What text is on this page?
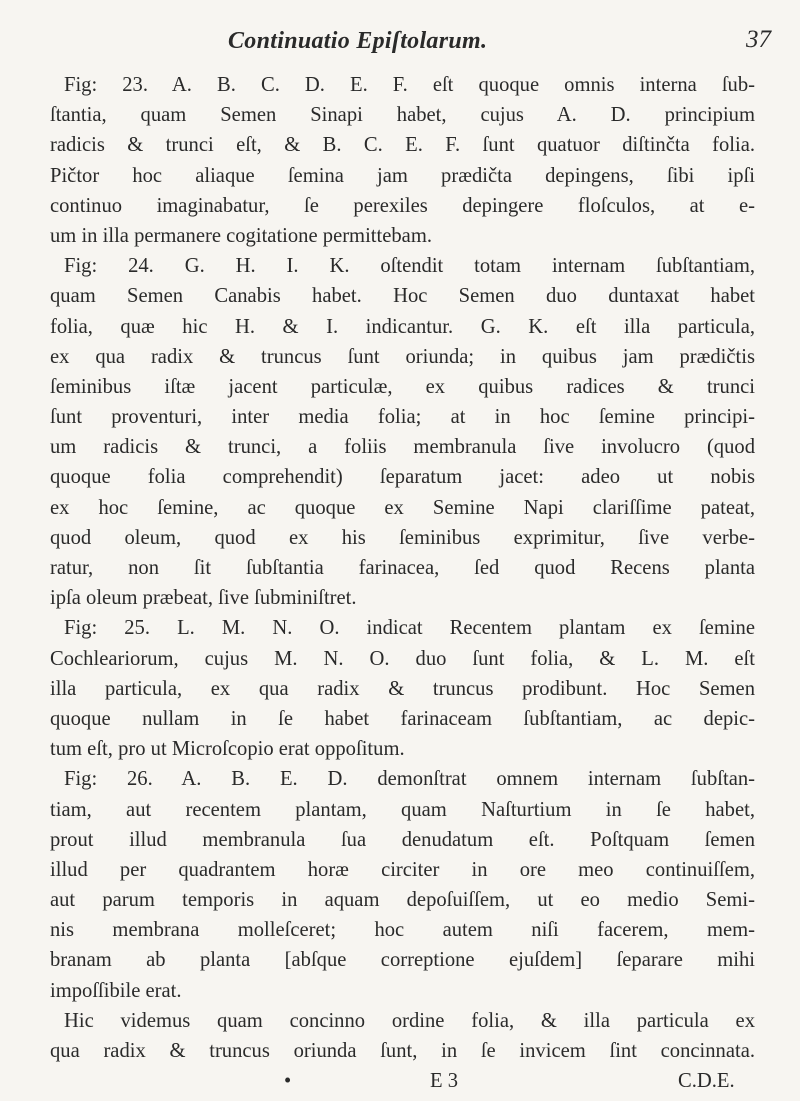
Continuatio Epiſtolarum.	37
Fig: 23. A. B. C. D. E. F. eſt quoque omnis interna ſub-
ſtantia, quam Semen Sinapi habet, cujus A. D. principium
radicis & trunci eſt, & B. C. E. F. ſunt quatuor diſtinčta folia.
Pičtor hoc aliaque ſemina jam prædičta depingens, ſibi ipſi
continuo imaginabatur, ſe perexiles depingere floſculos, at e-
um in illa permanere cogitatione permittebam.
Fig: 24. G. H. I. K. oſtendit totam internam ſubſtantiam,
quam Semen Canabis habet. Hoc Semen duo duntaxat habet
folia, quæ hic H. & I. indicantur. G. K. eſt illa particula,
ex qua radix & truncus ſunt oriunda; in quibus jam prædičtis
ſeminibus iſtæ jacent particulæ, ex quibus radices & trunci
ſunt proventuri, inter media folia; at in hoc ſemine principi-
um radicis & trunci, a foliis membranula ſive involucro (quod
quoque folia comprehendit) ſeparatum jacet: adeo ut nobis
ex hoc ſemine, ac quoque ex Semine Napi clariſſime pateat,
quod oleum, quod ex his ſeminibus exprimitur, ſive verbe-
ratur, non ſit ſubſtantia farinacea, ſed quod Recens planta
ipſa oleum præbeat, ſive ſubminiſtret.
Fig: 25. L. M. N. O. indicat Recentem plantam ex ſemine
Cochleariorum, cujus M. N. O. duo ſunt folia, & L. M. eſt
illa particula, ex qua radix & truncus prodibunt. Hoc Semen
quoque nullam in ſe habet farinaceam ſubſtantiam, ac depic-
tum eſt, pro ut Microſcopio erat oppoſitum.
Fig: 26. A. B. E. D. demonſtrat omnem internam ſubſtan-
tiam, aut recentem plantam, quam Naſturtium in ſe habet,
prout illud membranula ſua denudatum eſt. Poſtquam ſemen
illud per quadrantem horæ circiter in ore meo continuiſſem,
aut parum temporis in aquam depoſuiſſem, ut eo medio Semi-
nis membrana molleſceret; hoc autem niſi facerem, mem-
branam ab planta [abſque correptione ejuſdem] ſeparare mihi
impoſſibile erat.
Hic videmus quam concinno ordine folia, & illa particula ex
qua radix & truncus oriunda ſunt, in ſe invicem ſint concinnata.
•	E 3	C.D.E.
